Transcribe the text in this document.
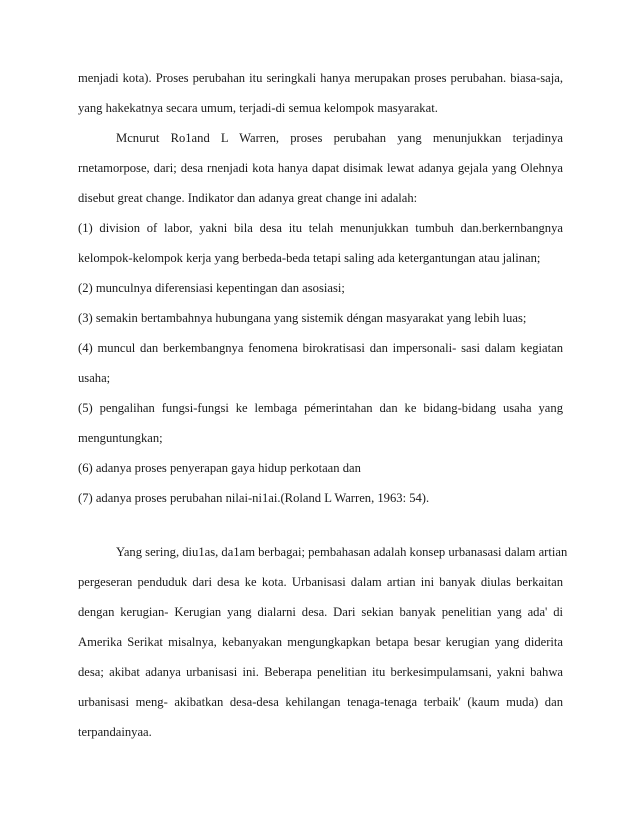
menjadi kota). Proses perubahan itu seringkali hanya merupakan proses perubahan. biasa-saja,
yang hakekatnya secara umum, terjadi-di semua kelompok masyarakat.
Mcnurut Ro1and L Warren, proses perubahan yang menunjukkan terjadinya
rnetamorpose, dari; desa rnenjadi kota hanya dapat disimak lewat adanya gejala yang Olehnya
disebut great change. Indikator dan adanya great change ini adalah:
(1) division of labor, yakni bila desa itu telah menunjukkan tumbuh dan.berkernbangnya
kelompok-kelompok kerja yang berbeda-beda tetapi saling ada ketergantungan atau jalinan;
(2) munculnya diferensiasi kepentingan dan asosiasi;
(3) semakin bertambahnya hubungana yang sistemik déngan masyarakat yang lebih luas;
(4) muncul dan berkembangnya fenomena birokratisasi dan impersonali- sasi dalam kegiatan
usaha;
(5) pengalihan fungsi-fungsi ke lembaga pémerintahan dan ke bidang-bidang usaha yang
menguntungkan;
(6) adanya proses penyerapan gaya hidup perkotaan dan
(7) adanya proses perubahan nilai-ni1ai.(Roland L Warren, 1963: 54).
Yang sering, diu1as, da1am berbagai; pembahasan adalah konsep urbanasasi dalam artian
pergeseran penduduk dari desa ke kota. Urbanisasi dalam artian ini banyak diulas berkaitan
dengan kerugian- Kerugian yang dialarni desa. Dari sekian banyak penelitian yang ada' di
Amerika Serikat misalnya, kebanyakan mengungkapkan betapa besar kerugian yang diderita
desa; akibat adanya urbanisasi ini. Beberapa penelitian itu berkesimpulamsani, yakni bahwa
urbanisasi meng- akibatkan desa-desa kehilangan tenaga-tenaga terbaik' (kaum muda) dan
terpandainyaa.
